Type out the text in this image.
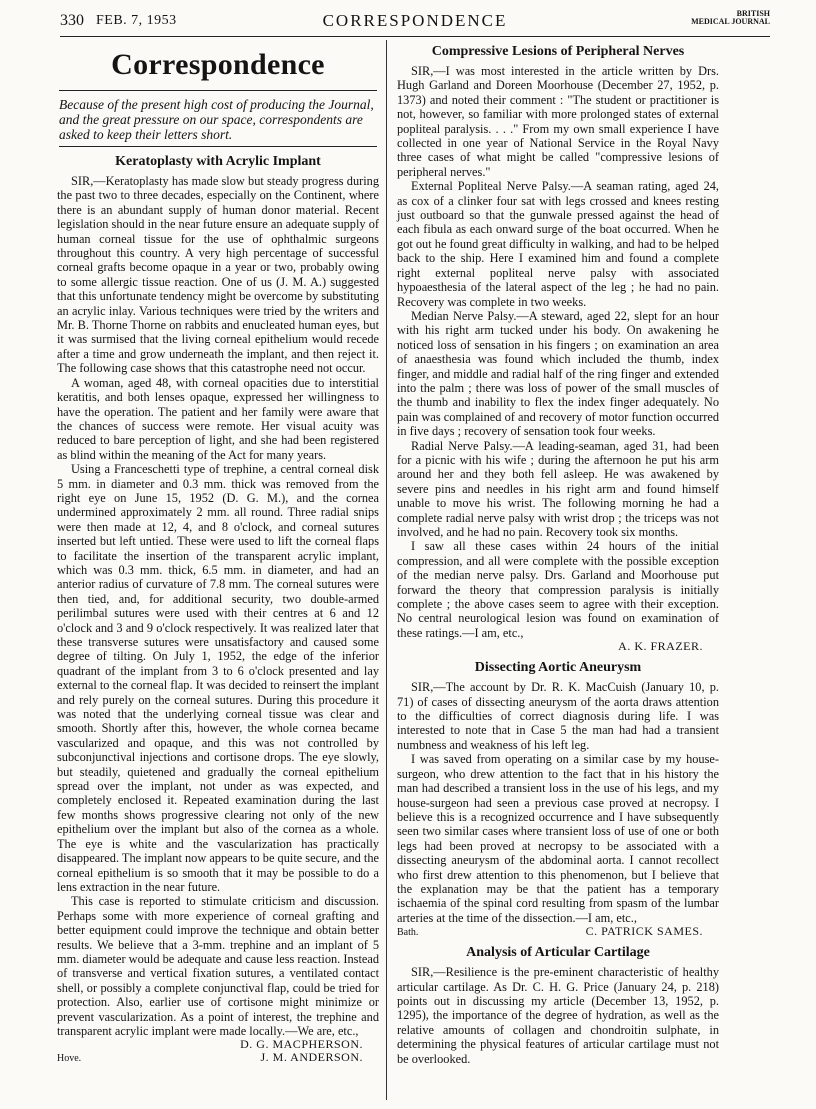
330 FEB. 7, 1953	CORRESPONDENCE	BRITISH
MEDICAL JOURNAL
Correspondence
Because of the present high cost of producing the Journal, and the great pressure on our space, correspondents are asked to keep their letters short.
Keratoplasty with Acrylic Implant

SIR,—Keratoplasty has made slow but steady progress during the past two to three decades, especially on the Continent, where there is an abundant supply of human donor material. Recent legislation should in the near future ensure an adequate supply of human corneal tissue for the use of ophthalmic surgeons throughout this country. A very high percentage of successful corneal grafts become opaque in a year or two, probably owing to some allergic tissue reaction. One of us (J. M. A.) suggested that this unfortunate tendency might be overcome by substituting an acrylic inlay. Various techniques were tried by the writers and Mr. B. Thorne Thorne on rabbits and enucleated human eyes, but it was surmised that the living corneal epithelium would recede after a time and grow underneath the implant, and then reject it. The following case shows that this catastrophe need not occur.

A woman, aged 48, with corneal opacities due to interstitial keratitis, and both lenses opaque, expressed her willingness to have the operation. The patient and her family were aware that the chances of success were remote. Her visual acuity was reduced to bare perception of light, and she had been registered as blind within the meaning of the Act for many years.

Using a Franceschetti type of trephine, a central corneal disk 5 mm. in diameter and 0.3 mm. thick was removed from the right eye on June 15, 1952 (D. G. M.), and the cornea undermined approximately 2 mm. all round. Three radial snips were then made at 12, 4, and 8 o'clock, and corneal sutures inserted but left untied. These were used to lift the corneal flaps to facilitate the insertion of the transparent acrylic implant, which was 0.3 mm. thick, 6.5 mm. in diameter, and had an anterior radius of curvature of 7.8 mm. The corneal sutures were then tied, and, for additional security, two double-armed perilimbal sutures were used with their centres at 6 and 12 o'clock and 3 and 9 o'clock respectively. It was realized later that these transverse sutures were unsatisfactory and caused some degree of tilting. On July 1, 1952, the edge of the inferior quadrant of the implant from 3 to 6 o'clock presented and lay external to the corneal flap. It was decided to reinsert the implant and rely purely on the corneal sutures. During this procedure it was noted that the underlying corneal tissue was clear and smooth. Shortly after this, however, the whole cornea became vascularized and opaque, and this was not controlled by subconjunctival injections and cortisone drops. The eye slowly, but steadily, quietened and gradually the corneal epithelium spread over the implant, not under as was expected, and completely enclosed it. Repeated examination during the last few months shows progressive clearing not only of the new epithelium over the implant but also of the cornea as a whole. The eye is white and the vascularization has practically disappeared. The implant now appears to be quite secure, and the corneal epithelium is so smooth that it may be possible to do a lens extraction in the near future.

This case is reported to stimulate criticism and discussion. Perhaps some with more experience of corneal grafting and better equipment could improve the technique and obtain better results. We believe that a 3-mm. trephine and an implant of 5 mm. diameter would be adequate and cause less reaction. Instead of transverse and vertical fixation sutures, a ventilated contact shell, or possibly a complete conjunctival flap, could be tried for protection. Also, earlier use of cortisone might minimize or prevent vascularization. As a point of interest, the trephine and transparent acrylic implant were made locally.—We are, etc.,

D. G. MACPHERSON.
Hove.	J. M. ANDERSON.
Compressive Lesions of Peripheral Nerves

SIR,—I was most interested in the article written by Drs. Hugh Garland and Doreen Moorhouse (December 27, 1952, p. 1373) and noted their comment : "The student or practitioner is not, however, so familiar with more prolonged states of external popliteal paralysis. . . ." From my own small experience I have collected in one year of National Service in the Royal Navy three cases of what might be called "compressive lesions of peripheral nerves."

External Popliteal Nerve Palsy.—A seaman rating, aged 24, as cox of a clinker four sat with legs crossed and knees resting just outboard so that the gunwale pressed against the head of each fibula as each onward surge of the boat occurred. When he got out he found great difficulty in walking, and had to be helped back to the ship. Here I examined him and found a complete right external popliteal nerve palsy with associated hypoaesthesia of the lateral aspect of the leg ; he had no pain. Recovery was complete in two weeks.

Median Nerve Palsy.—A steward, aged 22, slept for an hour with his right arm tucked under his body. On awakening he noticed loss of sensation in his fingers ; on examination an area of anaesthesia was found which included the thumb, index finger, and middle and radial half of the ring finger and extended into the palm ; there was loss of power of the small muscles of the thumb and inability to flex the index finger adequately. No pain was complained of and recovery of motor function occurred in five days ; recovery of sensation took four weeks.

Radial Nerve Palsy.—A leading-seaman, aged 31, had been for a picnic with his wife ; during the afternoon he put his arm around her and they both fell asleep. He was awakened by severe pins and needles in his right arm and found himself unable to move his wrist. The following morning he had a complete radial nerve palsy with wrist drop ; the triceps was not involved, and he had no pain. Recovery took six months.

I saw all these cases within 24 hours of the initial compression, and all were complete with the possible exception of the median nerve palsy. Drs. Garland and Moorhouse put forward the theory that compression paralysis is initially complete ; the above cases seem to agree with their exception. No central neurological lesion was found on examination of these ratings.—I am, etc.,

A. K. FRAZER.
Dissecting Aortic Aneurysm

SIR,—The account by Dr. R. K. MacCuish (January 10, p. 71) of cases of dissecting aneurysm of the aorta draws attention to the difficulties of correct diagnosis during life. I was interested to note that in Case 5 the man had had a transient numbness and weakness of his left leg.

I was saved from operating on a similar case by my house-surgeon, who drew attention to the fact that in his history the man had described a transient loss in the use of his legs, and my house-surgeon had seen a previous case proved at necropsy. I believe this is a recognized occurrence and I have subsequently seen two similar cases where transient loss of use of one or both legs had been proved at necropsy to be associated with a dissecting aneurysm of the abdominal aorta. I cannot recollect who first drew attention to this phenomenon, but I believe that the explanation may be that the patient has a temporary ischaemia of the spinal cord resulting from spasm of the lumbar arteries at the time of the dissection.—I am, etc.,

Bath.	C. PATRICK SAMES.
Analysis of Articular Cartilage

SIR,—Resilience is the pre-eminent characteristic of healthy articular cartilage. As Dr. C. H. G. Price (January 24, p. 218) points out in discussing my article (December 13, 1952, p. 1295), the importance of the degree of hydration, as well as the relative amounts of collagen and chondroitin sulphate, in determining the physical features of articular cartilage must not be overlooked.
